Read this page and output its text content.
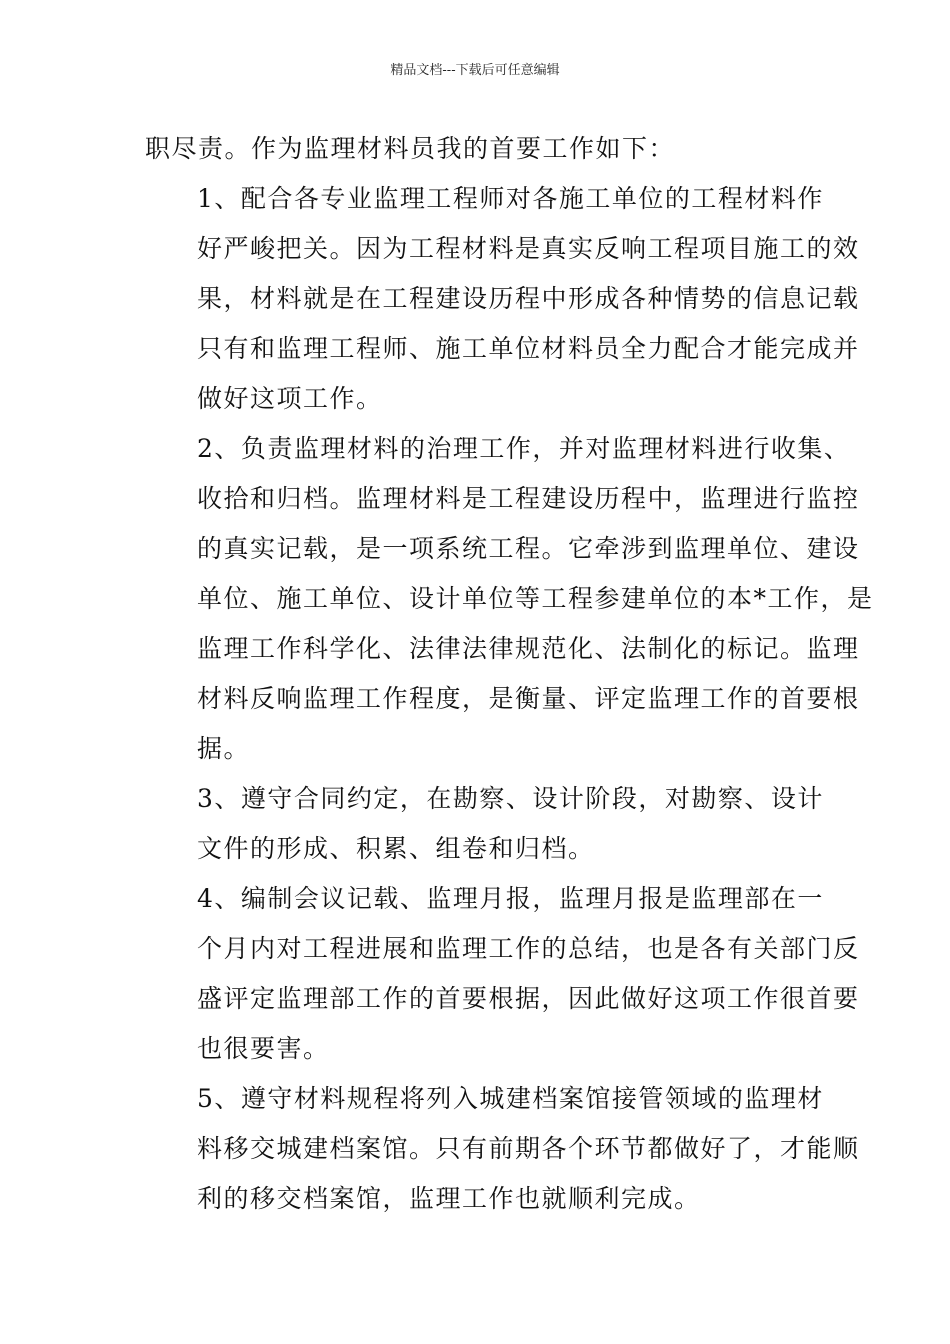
精品文档---下载后可任意编辑

职尽责。作为监理材料员我的首要工作如下：

1、配合各专业监理工程师对各施工单位的工程材料作
好严峻把关。因为工程材料是真实反响工程项目施工的效
果，材料就是在工程建设历程中形成各种情势的信息记载
只有和监理工程师、施工单位材料员全力配合才能完成并
做好这项工作。

2、负责监理材料的治理工作，并对监理材料进行收集、
收拾和归档。监理材料是工程建设历程中，监理进行监控
的真实记载，是一项系统工程。它牵涉到监理单位、建设
单位、施工单位、设计单位等工程参建单位的本*工作，是
监理工作科学化、法律法律规范化、法制化的标记。监理
材料反响监理工作程度，是衡量、评定监理工作的首要根
据。

3、遵守合同约定，在勘察、设计阶段，对勘察、设计
文件的形成、积累、组卷和归档。

4、编制会议记载、监理月报，监理月报是监理部在一
个月内对工程进展和监理工作的总结，也是各有关部门反
盛评定监理部工作的首要根据，因此做好这项工作很首要
也很要害。

5、遵守材料规程将列入城建档案馆接管领域的监理材
料移交城建档案馆。只有前期各个环节都做好了，才能顺
利的移交档案馆，监理工作也就顺利完成。
